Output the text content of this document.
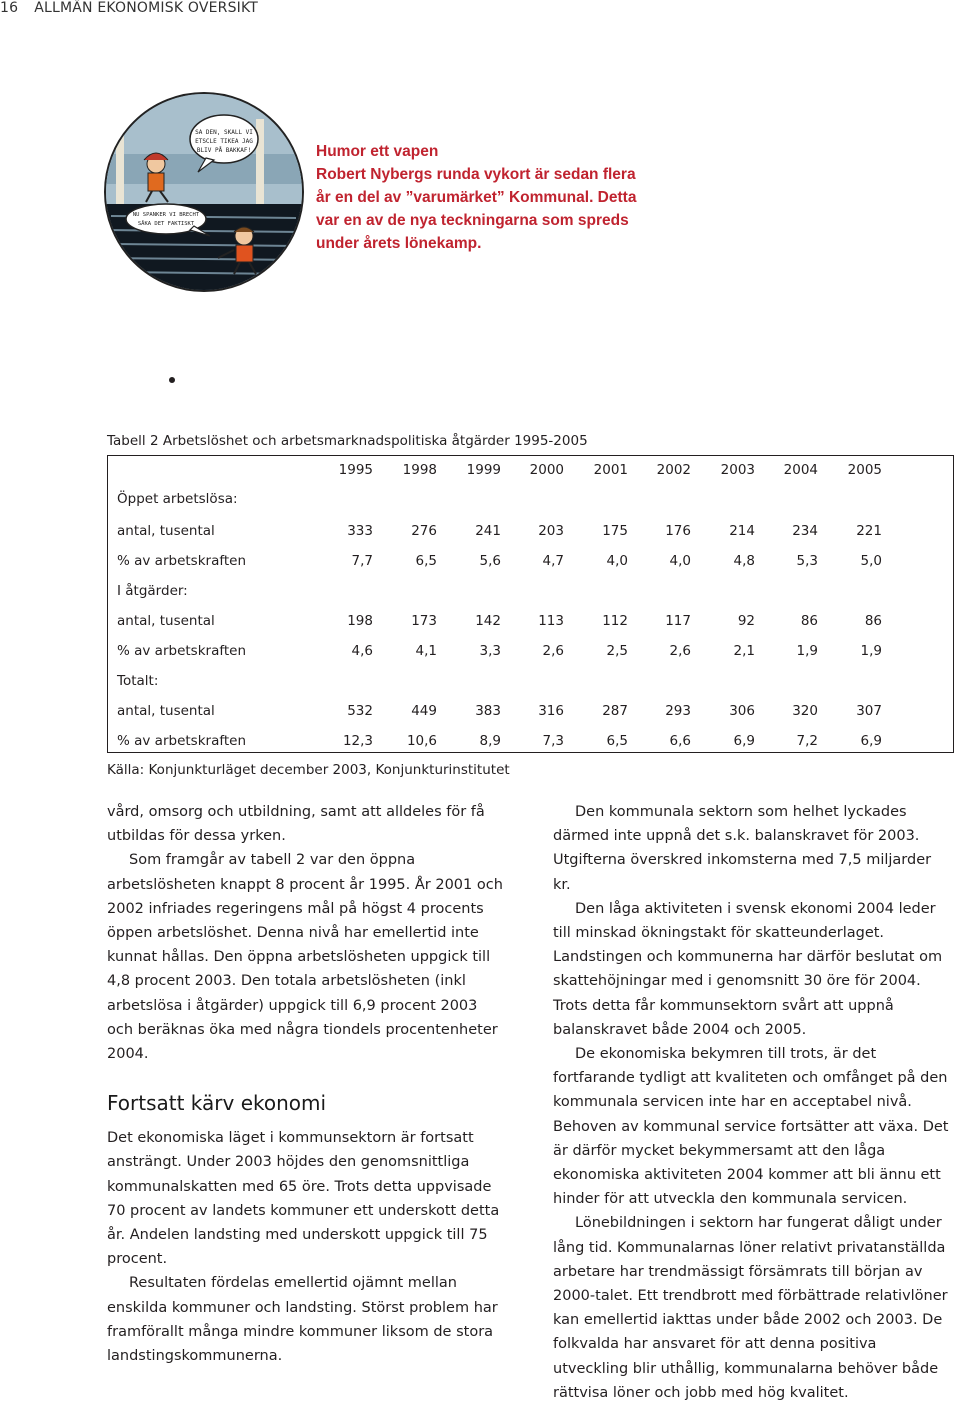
16 ALLMÄN EKONOMISK ÖVERSIKT
SA DEN, SKALL VI
ETSCLE TIKEA JAG
BLIV PÅ BAKKAF!
NU SPANKER VI BRECHT
SÅKA DET FAKTISKT
Humor ett vapen
Robert Nybergs runda vykort är sedan flera år en del av ”varumärket” Kommunal. Detta var en av de nya teckningarna som spreds under årets lönekamp.
Tabell 2 Arbetslöshet och arbetsmarknadspolitiska åtgärder 1995-2005
1995	1998	1999	2000	2001	2002	2003	2004	2005
Öppet arbetslösa:
antal, tusental	333	276	241	203	175	176	214	234	221
% av arbetskraften	7,7	6,5	5,6	4,7	4,0	4,0	4,8	5,3	5,0
I åtgärder:
antal, tusental	198	173	142	113	112	117	92	86	86
% av arbetskraften	4,6	4,1	3,3	2,6	2,5	2,6	2,1	1,9	1,9
Totalt:
antal, tusental	532	449	383	316	287	293	306	320	307
% av arbetskraften	12,3	10,6	8,9	7,3	6,5	6,6	6,9	7,2	6,9
Källa: Konjunkturläget december 2003, Konjunkturinstitutet

vård, omsorg och utbildning, samt att alldeles för få utbildas för dessa yrken.

Som framgår av tabell 2 var den öppna arbetslösheten knappt 8 procent år 1995. År 2001 och 2002 infriades regeringens mål på högst 4 procents öppen arbetslöshet. Denna nivå har emellertid inte kunnat hållas. Den öppna arbetslösheten uppgick till 4,8 procent 2003. Den totala arbetslösheten (inkl arbetslösa i åtgärder) uppgick till 6,9 procent 2003 och beräknas öka med några tiondels procentenheter 2004.

Fortsatt kärv ekonomi

Det ekonomiska läget i kommunsektorn är fortsatt ansträngt. Under 2003 höjdes den genomsnittliga kommunalskatten med 65 öre. Trots detta uppvisade 70 procent av landets kommuner ett underskott detta år. Andelen landsting med underskott uppgick till 75 procent.

Resultaten fördelas emellertid ojämnt mellan enskilda kommuner och landsting. Störst problem har framförallt många mindre kommuner liksom de stora landstingskommunerna.

Den kommunala sektorn som helhet lyckades därmed inte uppnå det s.k. balanskravet för 2003. Utgifterna överskred inkomsterna med 7,5 miljarder kr.

Den låga aktiviteten i svensk ekonomi 2004 leder till minskad ökningstakt för skatteunderlaget. Landstingen och kommunerna har därför beslutat om skattehöjningar med i genomsnitt 30 öre för 2004. Trots detta får kommunsektorn svårt att uppnå balanskravet både 2004 och 2005.

De ekonomiska bekymren till trots, är det fortfarande tydligt att kvaliteten och omfånget på den kommunala servicen inte har en acceptabel nivå. Behoven av kommunal service fortsätter att växa. Det är därför mycket bekymmersamt att den låga ekonomiska aktiviteten 2004 kommer att bli ännu ett hinder för att utveckla den kommunala servicen.

Lönebildningen i sektorn har fungerat dåligt under lång tid. Kommunalarnas löner relativt privatanställda arbetare har trendmässigt försämrats till början av 2000-talet. Ett trendbrott med förbättrade relativlöner kan emellertid iakttas under både 2002 och 2003. De folkvalda har ansvaret för att denna positiva utveckling blir uthållig, kommunalarna behöver både rättvisa löner och jobb med hög kvalitet.
